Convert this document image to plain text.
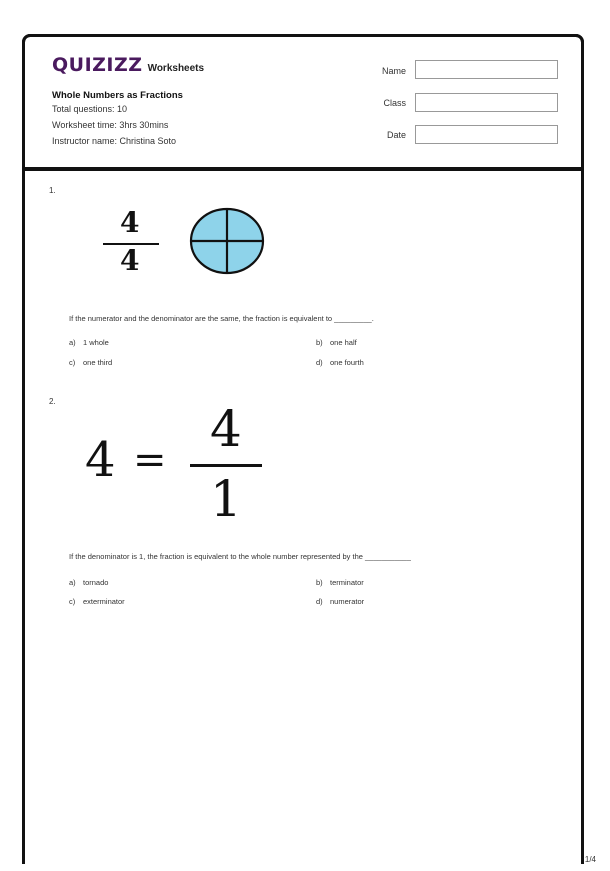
QUIZIZZ Worksheets
Whole Numbers as Fractions
Total questions: 10
Worksheet time: 3hrs 30mins
Instructor name: Christina Soto
Name
Class
Date
1.
4
4
If the numerator and the denominator are the same, the fraction is equivalent to _________.
a) 1 whole	b) one half
c) one third	d) one fourth
2.
4 =
4
1
If the denominator is 1, the fraction is equivalent to the whole number represented by the ___________
a) tornado	b) terminator
c) exterminator	d) numerator
1/4
